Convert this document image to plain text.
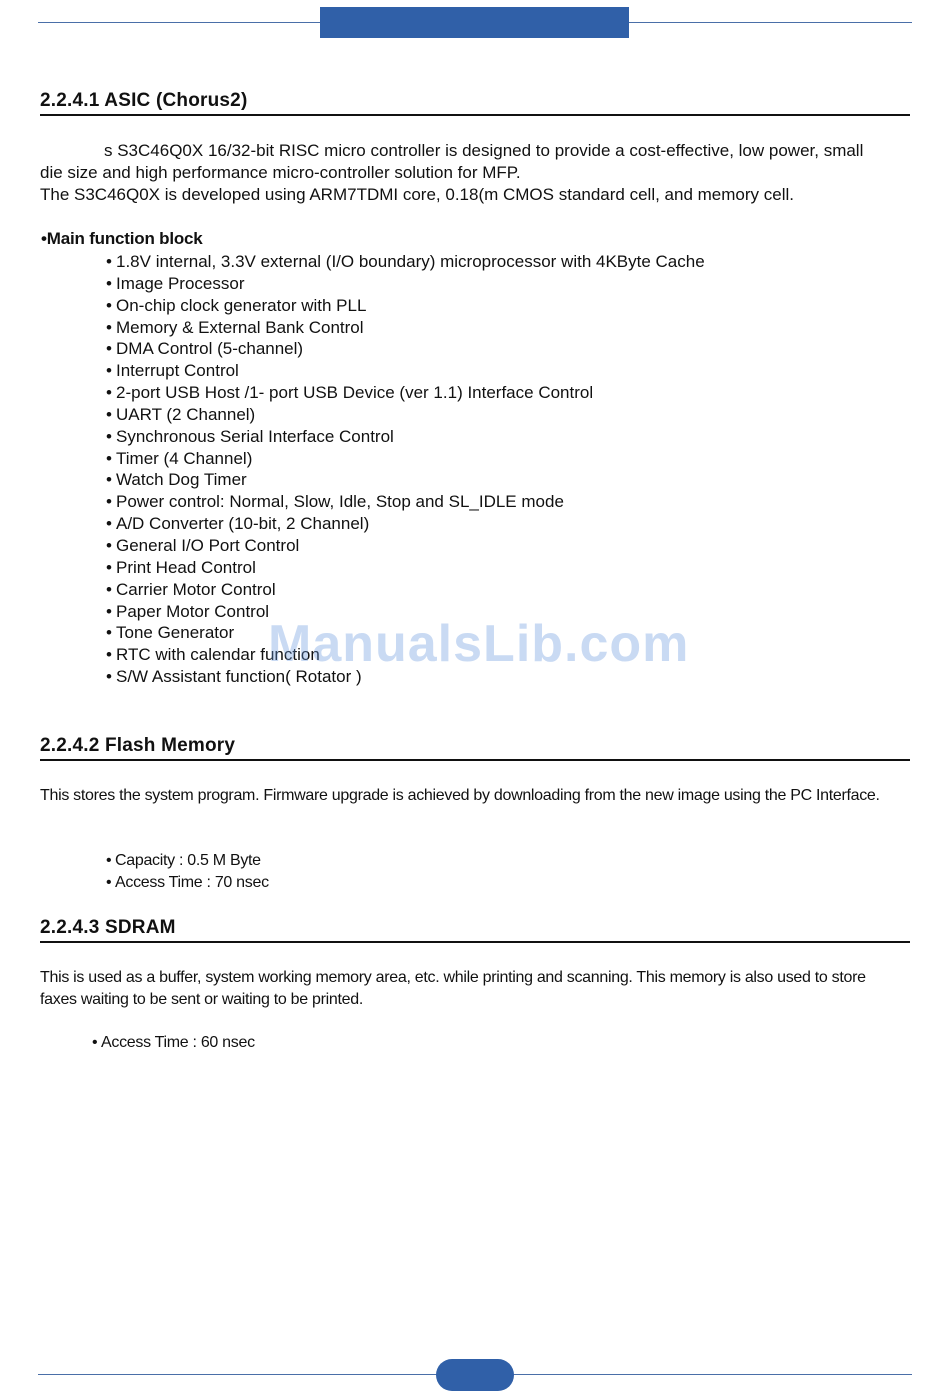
2.2.4.1 ASIC (Chorus2)

s S3C46Q0X 16/32-bit RISC micro controller is designed to provide a cost-effective, low power, small die size and high performance micro-controller solution for MFP.

The S3C46Q0X is developed using ARM7TDMI core, 0.18(m CMOS standard cell, and memory cell.

•Main function block

• 1.8V internal, 3.3V external (I/O boundary) microprocessor with 4KByte Cache
• Image Processor
• On-chip clock generator with PLL
• Memory & External Bank Control
• DMA Control (5-channel)
• Interrupt Control
• 2-port USB Host /1- port USB Device (ver 1.1) Interface Control
• UART (2 Channel)
• Synchronous Serial Interface Control
• Timer (4 Channel)
• Watch Dog Timer
• Power control: Normal, Slow, Idle, Stop and SL_IDLE mode
• A/D Converter (10-bit, 2 Channel)
• General I/O Port Control
• Print Head Control
• Carrier Motor Control
• Paper Motor Control
• Tone Generator
• RTC with calendar function
• S/W Assistant function( Rotator )
ManualsLib.com
2.2.4.2 Flash Memory

This stores the system program. Firmware upgrade is achieved by downloading from the new image using the PC Interface.

• Capacity : 0.5 M Byte
• Access Time : 70 nsec
2.2.4.3 SDRAM

This is used as a buffer, system working memory area, etc. while printing and scanning. This memory is also used to store faxes waiting to be sent or waiting to be printed.

• Access Time : 60 nsec
